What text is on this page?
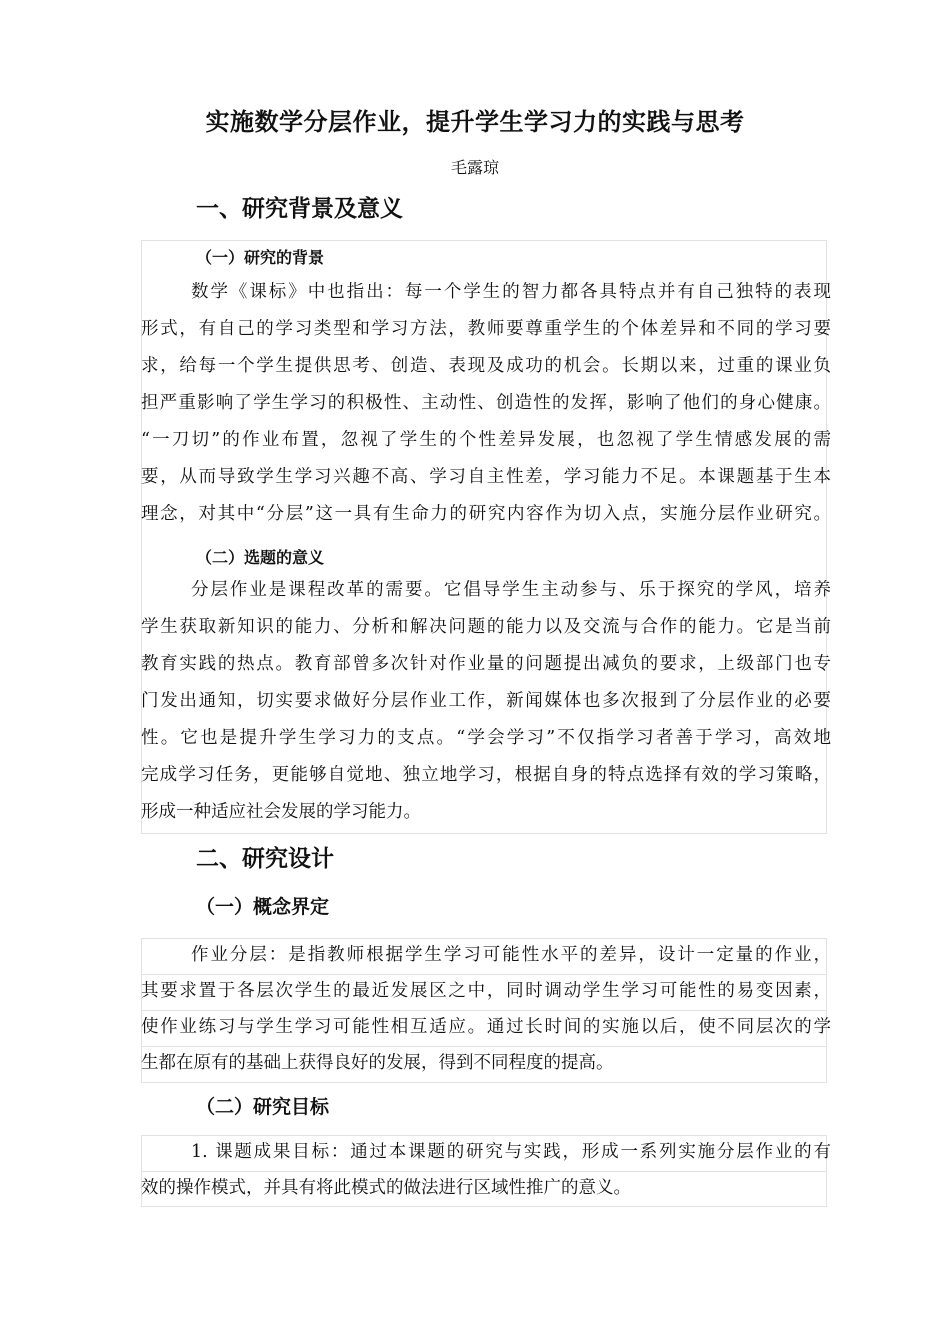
实施数学分层作业，提升学生学习力的实践与思考
毛露琼
一、研究背景及意义
（一）研究的背景
数学《课标》中也指出：每一个学生的智力都各具特点并有自己独特的表现
形式，有自己的学习类型和学习方法，教师要尊重学生的个体差异和不同的学习要
求，给每一个学生提供思考、创造、表现及成功的机会。长期以来，过重的课业负
担严重影响了学生学习的积极性、主动性、创造性的发挥，影响了他们的身心健康。
“一刀切”的作业布置，忽视了学生的个性差异发展，也忽视了学生情感发展的需
要，从而导致学生学习兴趣不高、学习自主性差，学习能力不足。本课题基于生本
理念，对其中“分层”这一具有生命力的研究内容作为切入点，实施分层作业研究。
（二）选题的意义
分层作业是课程改革的需要。它倡导学生主动参与、乐于探究的学风，培养
学生获取新知识的能力、分析和解决问题的能力以及交流与合作的能力。它是当前
教育实践的热点。教育部曾多次针对作业量的问题提出减负的要求，上级部门也专
门发出通知，切实要求做好分层作业工作，新闻媒体也多次报到了分层作业的必要
性。它也是提升学生学习力的支点。“学会学习”不仅指学习者善于学习，高效地
完成学习任务，更能够自觉地、独立地学习，根据自身的特点选择有效的学习策略，
形成一种适应社会发展的学习能力。
二、研究设计
（一）概念界定
作业分层：是指教师根据学生学习可能性水平的差异，设计一定量的作业，
其要求置于各层次学生的最近发展区之中，同时调动学生学习可能性的易变因素，
使作业练习与学生学习可能性相互适应。通过长时间的实施以后，使不同层次的学
生都在原有的基础上获得良好的发展，得到不同程度的提高。
（二）研究目标
1. 课题成果目标：通过本课题的研究与实践，形成一系列实施分层作业的有
效的操作模式，并具有将此模式的做法进行区域性推广的意义。
